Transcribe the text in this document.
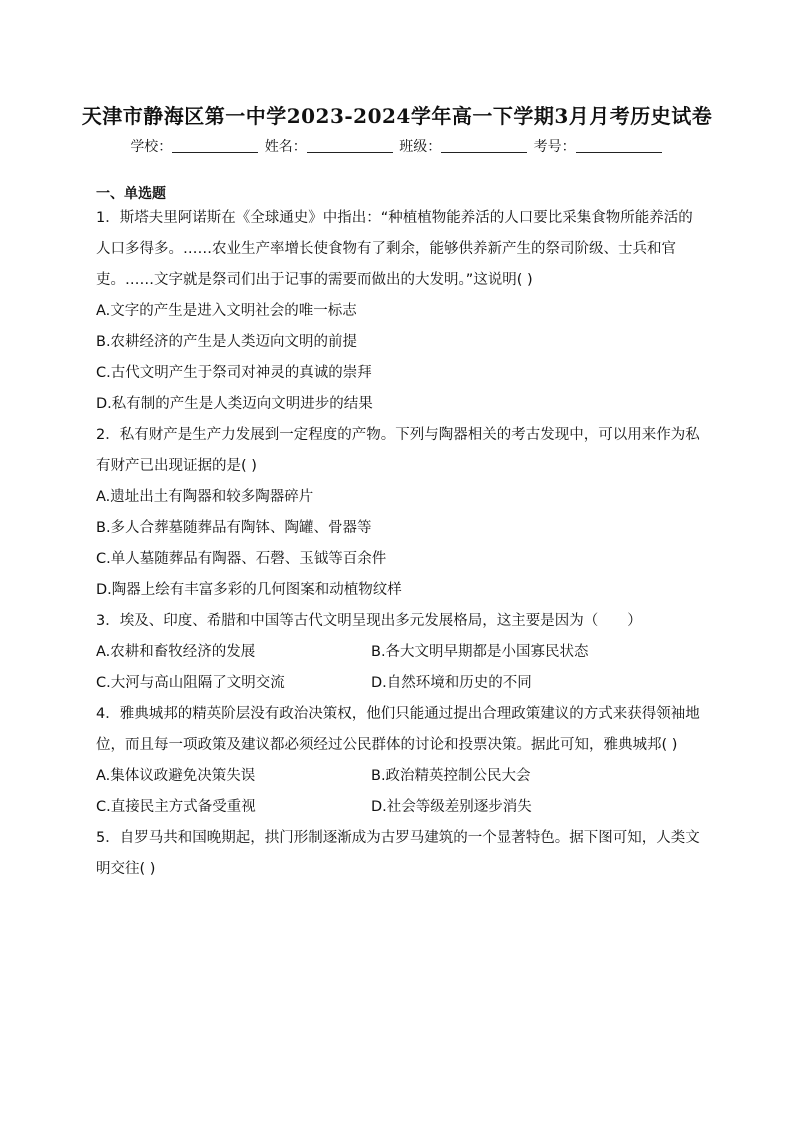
天津市静海区第一中学2023-2024学年高一下学期3月月考历史试卷
学校：	姓名：	班级：	考号：
一、单选题

1．斯塔夫里阿诺斯在《全球通史》中指出：“种植植物能养活的人口要比采集食物所能养活的人口多得多。……农业生产率增长使食物有了剩余，能够供养新产生的祭司阶级、士兵和官吏。……文字就是祭司们出于记事的需要而做出的大发明。”这说明( )

A.文字的产生是进入文明社会的唯一标志

B.农耕经济的产生是人类迈向文明的前提

C.古代文明产生于祭司对神灵的真诚的崇拜

D.私有制的产生是人类迈向文明进步的结果

2．私有财产是生产力发展到一定程度的产物。下列与陶器相关的考古发现中，可以用来作为私有财产已出现证据的是( )

A.遗址出土有陶器和较多陶器碎片

B.多人合葬墓随葬品有陶钵、陶罐、骨器等

C.单人墓随葬品有陶器、石磬、玉钺等百余件

D.陶器上绘有丰富多彩的几何图案和动植物纹样

3．埃及、印度、希腊和中国等古代文明呈现出多元发展格局，这主要是因为（　　）

A.农耕和畜牧经济的发展	B.各大文明早期都是小国寡民状态

C.大河与高山阻隔了文明交流	D.自然环境和历史的不同

4．雅典城邦的精英阶层没有政治决策权，他们只能通过提出合理政策建议的方式来获得领袖地位，而且每一项政策及建议都必须经过公民群体的讨论和投票决策。据此可知，雅典城邦( )

A.集体议政避免决策失误	B.政治精英控制公民大会

C.直接民主方式备受重视	D.社会等级差别逐步消失

5．自罗马共和国晚期起，拱门形制逐渐成为古罗马建筑的一个显著特色。据下图可知，人类文明交往( )
